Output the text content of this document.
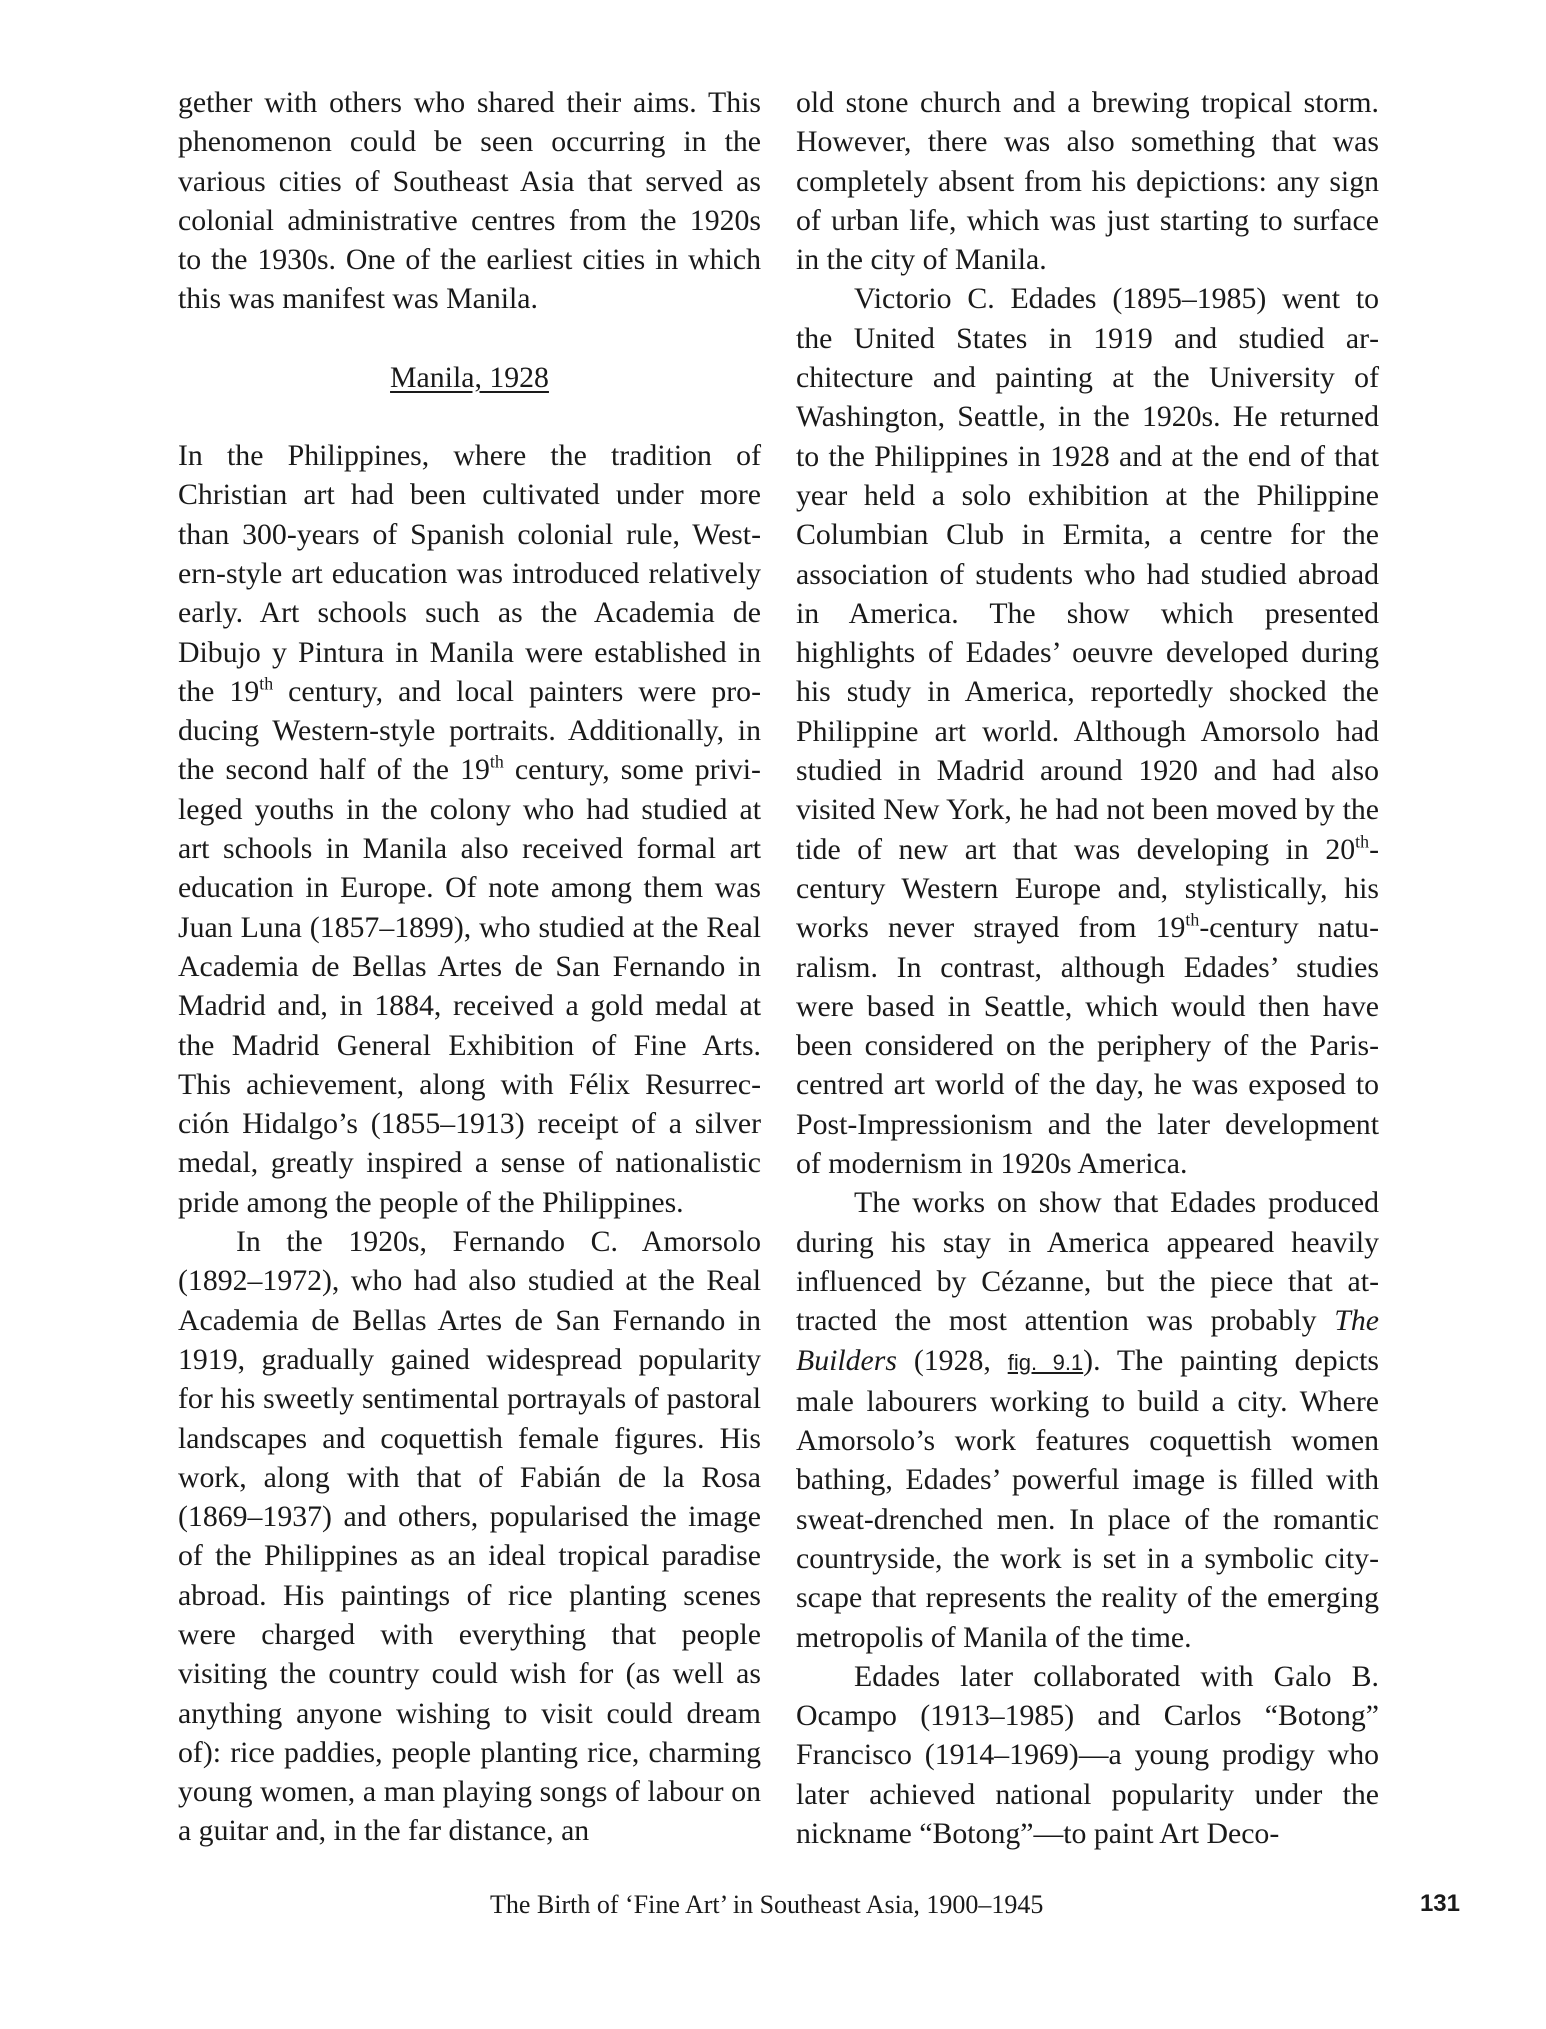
gether with others who shared their aims. This phenomenon could be seen occurring in the various cities of Southeast Asia that served as colonial administrative centres from the 1920s to the 1930s. One of the earliest cities in which this was manifest was Manila.

Manila, 1928

In the Philippines, where the tradition of Christian art had been cultivated under more than 300-years of Spanish colonial rule, Western-style art education was introduced relatively early. Art schools such as the Academia de Dibujo y Pintura in Manila were established in the 19th century, and local painters were producing Western-style portraits. Additionally, in the second half of the 19th century, some privileged youths in the colony who had studied at art schools in Manila also received formal art education in Europe. Of note among them was Juan Luna (1857–1899), who studied at the Real Academia de Bellas Artes de San Fernando in Madrid and, in 1884, received a gold medal at the Madrid General Exhibition of Fine Arts. This achievement, along with Félix Resurrección Hidalgo’s (1855–1913) receipt of a silver medal, greatly inspired a sense of nationalistic pride among the people of the Philippines.

In the 1920s, Fernando C. Amorsolo (1892–1972), who had also studied at the Real Academia de Bellas Artes de San Fernando in 1919, gradually gained widespread popularity for his sweetly sentimental portrayals of pastoral landscapes and coquettish female figures. His work, along with that of Fabián de la Rosa (1869–1937) and others, popularised the image of the Philippines as an ideal tropical paradise abroad. His paintings of rice planting scenes were charged with everything that people visiting the country could wish for (as well as anything anyone wishing to visit could dream of): rice paddies, people planting rice, charming young women, a man playing songs of labour on a guitar and, in the far distance, an

old stone church and a brewing tropical storm. However, there was also something that was completely absent from his depictions: any sign of urban life, which was just starting to surface in the city of Manila.

Victorio C. Edades (1895–1985) went to the United States in 1919 and studied architecture and painting at the University of Washington, Seattle, in the 1920s. He returned to the Philippines in 1928 and at the end of that year held a solo exhibition at the Philippine Columbian Club in Ermita, a centre for the association of students who had studied abroad in America. The show which presented highlights of Edades’ oeuvre developed during his study in America, reportedly shocked the Philippine art world. Although Amorsolo had studied in Madrid around 1920 and had also visited New York, he had not been moved by the tide of new art that was developing in 20th-century Western Europe and, stylistically, his works never strayed from 19th-century naturalism. In contrast, although Edades’ studies were based in Seattle, which would then have been considered on the periphery of the Paris-centred art world of the day, he was exposed to Post-Impressionism and the later development of modernism in 1920s America.

The works on show that Edades produced during his stay in America appeared heavily influenced by Cézanne, but the piece that attracted the most attention was probably The Builders (1928, fig. 9.1). The painting depicts male labourers working to build a city. Where Amorsolo’s work features coquettish women bathing, Edades’ powerful image is filled with sweat-drenched men. In place of the romantic countryside, the work is set in a symbolic cityscape that represents the reality of the emerging metropolis of Manila of the time.

Edades later collaborated with Galo B. Ocampo (1913–1985) and Carlos “Botong” Francisco (1914–1969)—a young prodigy who later achieved national popularity under the nickname “Botong”—to paint Art Deco-

The Birth of ‘Fine Art’ in Southeast Asia, 1900–1945	131
